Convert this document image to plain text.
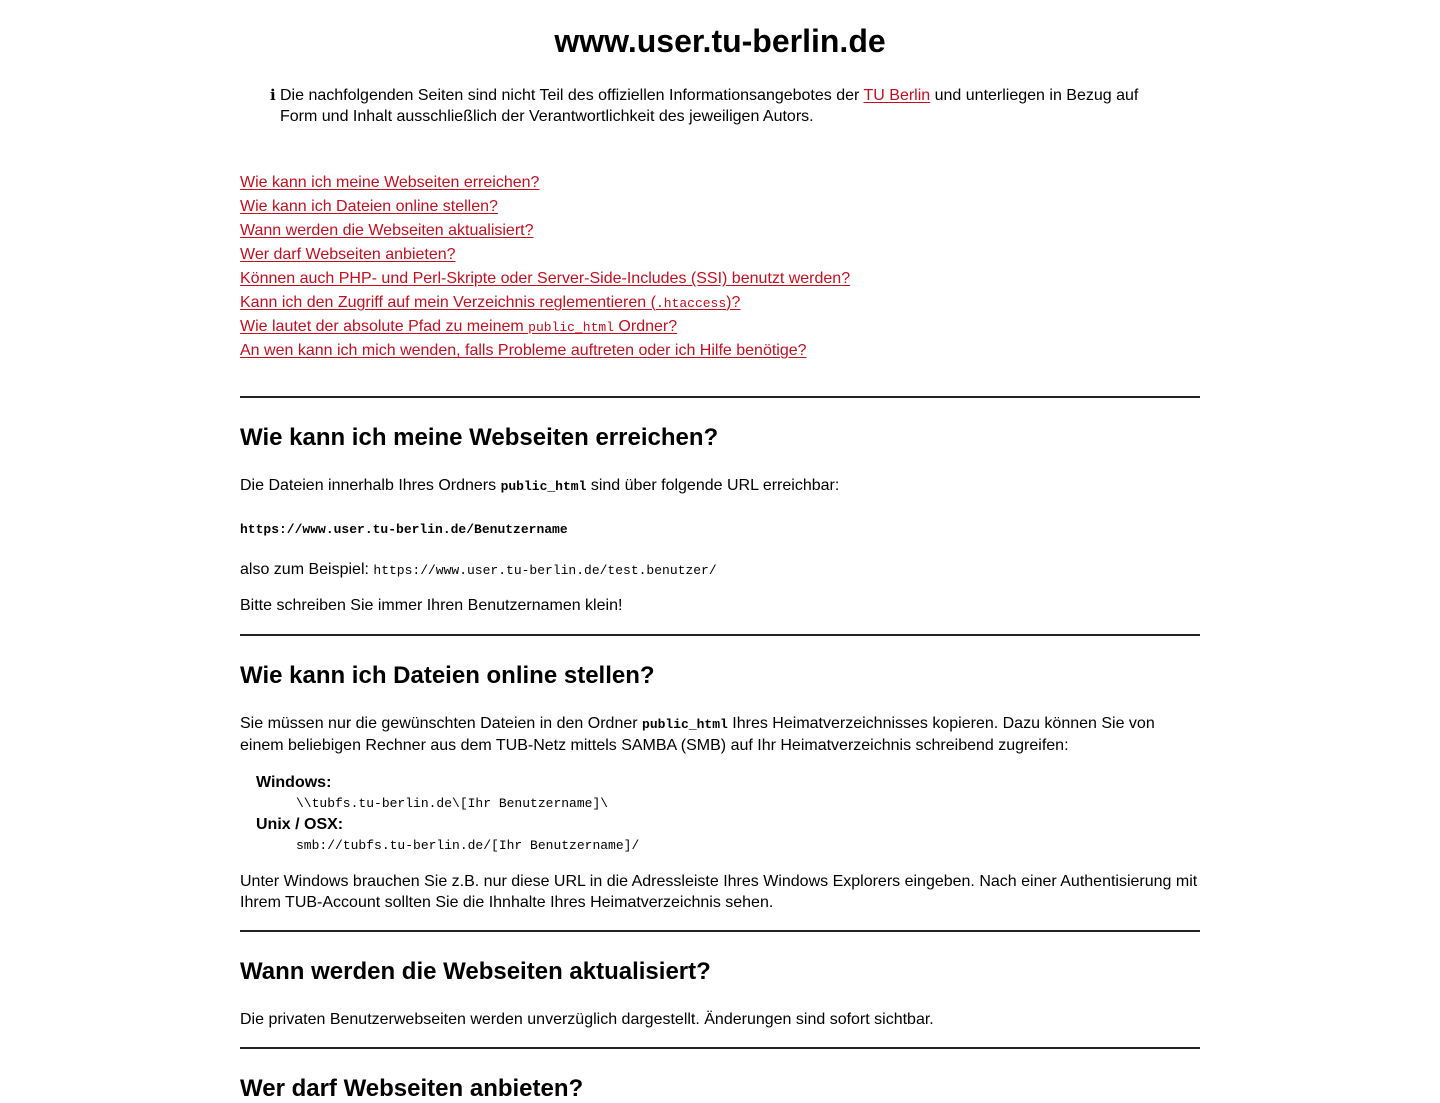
www.user.tu-berlin.de
ℹ Die nachfolgenden Seiten sind nicht Teil des offiziellen Informationsangebotes der TU Berlin und unterliegen in Bezug auf Form und Inhalt ausschließlich der Verantwortlichkeit des jeweiligen Autors.
Wie kann ich meine Webseiten erreichen?
Wie kann ich Dateien online stellen?
Wann werden die Webseiten aktualisiert?
Wer darf Webseiten anbieten?
Können auch PHP- und Perl-Skripte oder Server-Side-Includes (SSI) benutzt werden?
Kann ich den Zugriff auf mein Verzeichnis reglementieren (.htaccess)?
Wie lautet der absolute Pfad zu meinem public_html Ordner?
An wen kann ich mich wenden, falls Probleme auftreten oder ich Hilfe benötige?
Wie kann ich meine Webseiten erreichen?

Die Dateien innerhalb Ihres Ordners public_html sind über folgende URL erreichbar:

https://www.user.tu-berlin.de/Benutzername

also zum Beispiel: https://www.user.tu-berlin.de/test.benutzer/

Bitte schreiben Sie immer Ihren Benutzernamen klein!

Wie kann ich Dateien online stellen?

Sie müssen nur die gewünschten Dateien in den Ordner public_html Ihres Heimatverzeichnisses kopieren. Dazu können Sie von einem beliebigen Rechner aus dem TUB-Netz mittels SAMBA (SMB) auf Ihr Heimatverzeichnis schreibend zugreifen:

Windows:
\\tubfs.tu-berlin.de\[Ihr Benutzername]\
Unix / OSX:
smb://tubfs.tu-berlin.de/[Ihr Benutzername]/

Unter Windows brauchen Sie z.B. nur diese URL in die Adressleiste Ihres Windows Explorers eingeben. Nach einer Authentisierung mit Ihrem TUB-Account sollten Sie die Ihnhalte Ihres Heimatverzeichnis sehen.

Wann werden die Webseiten aktualisiert?

Die privaten Benutzerwebseiten werden unverzüglich dargestellt. Änderungen sind sofort sichtbar.

Wer darf Webseiten anbieten?
